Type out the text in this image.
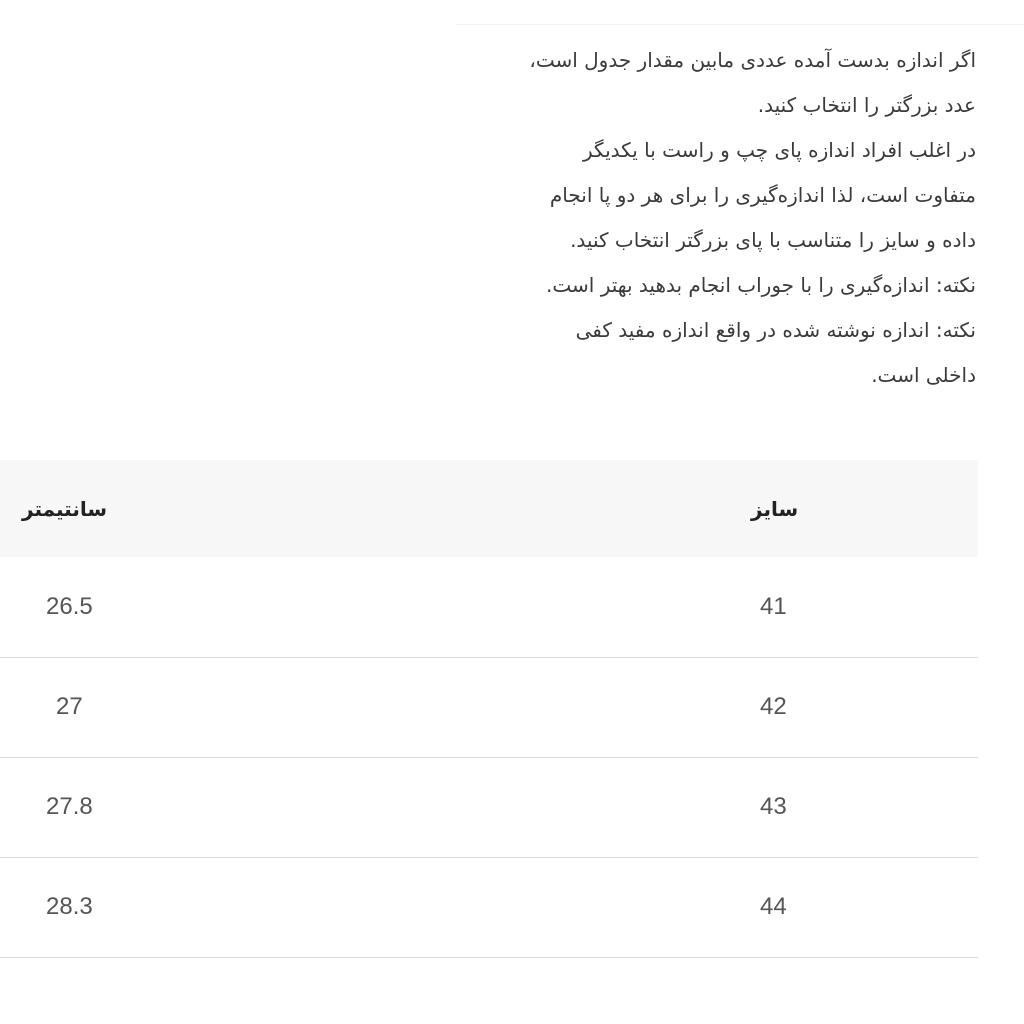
اگر اندازه بدست آمده عددی مابین مقدار جدول است،
عدد بزرگتر را انتخاب کنید.
در اغلب افراد اندازه پای چپ و راست با یکدیگر
متفاوت است، لذا اندازه‌گیری را برای هر دو پا انجام
داده و سایز را متناسب با پای بزرگتر انتخاب کنید.
نکته: اندازه‌گیری را با جوراب انجام بدهید بهتر است.
نکته: اندازه نوشته شده در واقع اندازه مفید کفی
داخلی است.
سانتیمتر	سایز
26.5	41
27	42
27.8	43
28.3	44
